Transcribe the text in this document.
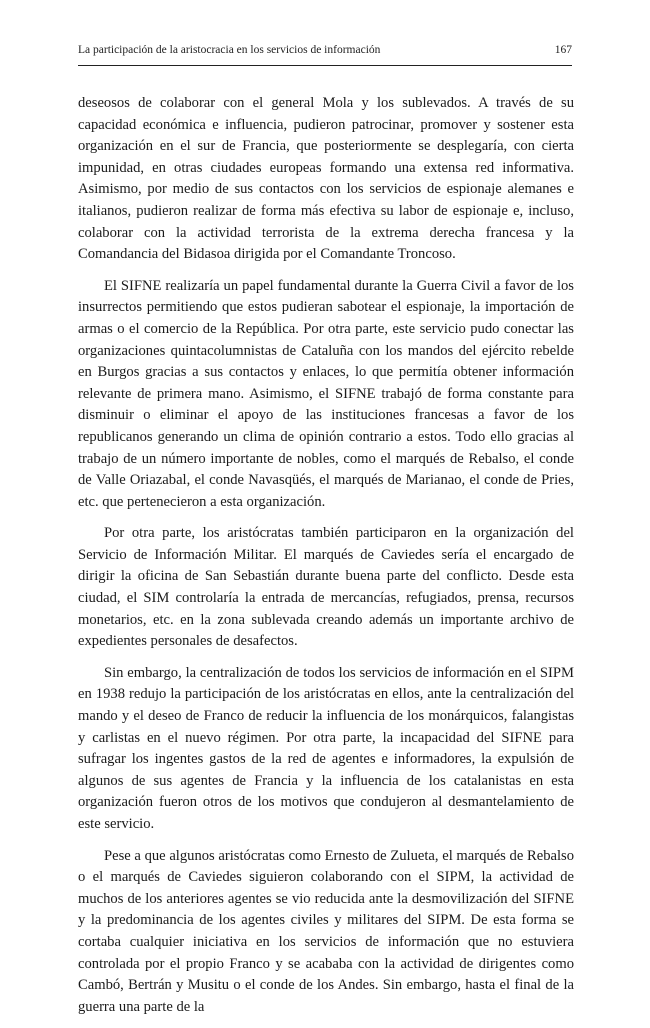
La participación de la aristocracia en los servicios de información	167

deseosos de colaborar con el general Mola y los sublevados. A través de su capacidad económica e influencia, pudieron patrocinar, promover y sostener esta organización en el sur de Francia, que posteriormente se desplegaría, con cierta impunidad, en otras ciudades europeas formando una extensa red informativa. Asimismo, por medio de sus contactos con los servicios de espionaje alemanes e italianos, pudieron realizar de forma más efectiva su labor de espionaje e, incluso, colaborar con la actividad terrorista de la extrema derecha francesa y la Comandancia del Bidasoa dirigida por el Comandante Troncoso.

El SIFNE realizaría un papel fundamental durante la Guerra Civil a favor de los insurrectos permitiendo que estos pudieran sabotear el espionaje, la importación de armas o el comercio de la República. Por otra parte, este servicio pudo conectar las organizaciones quintacolumnistas de Cataluña con los mandos del ejército rebelde en Burgos gracias a sus contactos y enlaces, lo que permitía obtener información relevante de primera mano. Asimismo, el SIFNE trabajó de forma constante para disminuir o eliminar el apoyo de las instituciones francesas a favor de los republicanos generando un clima de opinión contrario a estos. Todo ello gracias al trabajo de un número importante de nobles, como el marqués de Rebalso, el conde de Valle Oriazabal, el conde Navasqüés, el marqués de Marianao, el conde de Pries, etc. que pertenecieron a esta organización.

Por otra parte, los aristócratas también participaron en la organización del Servicio de Información Militar. El marqués de Caviedes sería el encargado de dirigir la oficina de San Sebastián durante buena parte del conflicto. Desde esta ciudad, el SIM controlaría la entrada de mercancías, refugiados, prensa, recursos monetarios, etc. en la zona sublevada creando además un importante archivo de expedientes personales de desafectos.

Sin embargo, la centralización de todos los servicios de información en el SIPM en 1938 redujo la participación de los aristócratas en ellos, ante la centralización del mando y el deseo de Franco de reducir la influencia de los monárquicos, falangistas y carlistas en el nuevo régimen. Por otra parte, la incapacidad del SIFNE para sufragar los ingentes gastos de la red de agentes e informadores, la expulsión de algunos de sus agentes de Francia y la influencia de los catalanistas en esta organización fueron otros de los motivos que condujeron al desmantelamiento de este servicio.

Pese a que algunos aristócratas como Ernesto de Zulueta, el marqués de Rebalso o el marqués de Caviedes siguieron colaborando con el SIPM, la actividad de muchos de los anteriores agentes se vio reducida ante la desmovilización del SIFNE y la predominancia de los agentes civiles y militares del SIPM. De esta forma se cortaba cualquier iniciativa en los servicios de información que no estuviera controlada por el propio Franco y se acababa con la actividad de dirigentes como Cambó, Bertrán y Musitu o el conde de los Andes. Sin embargo, hasta el final de la guerra una parte de la
